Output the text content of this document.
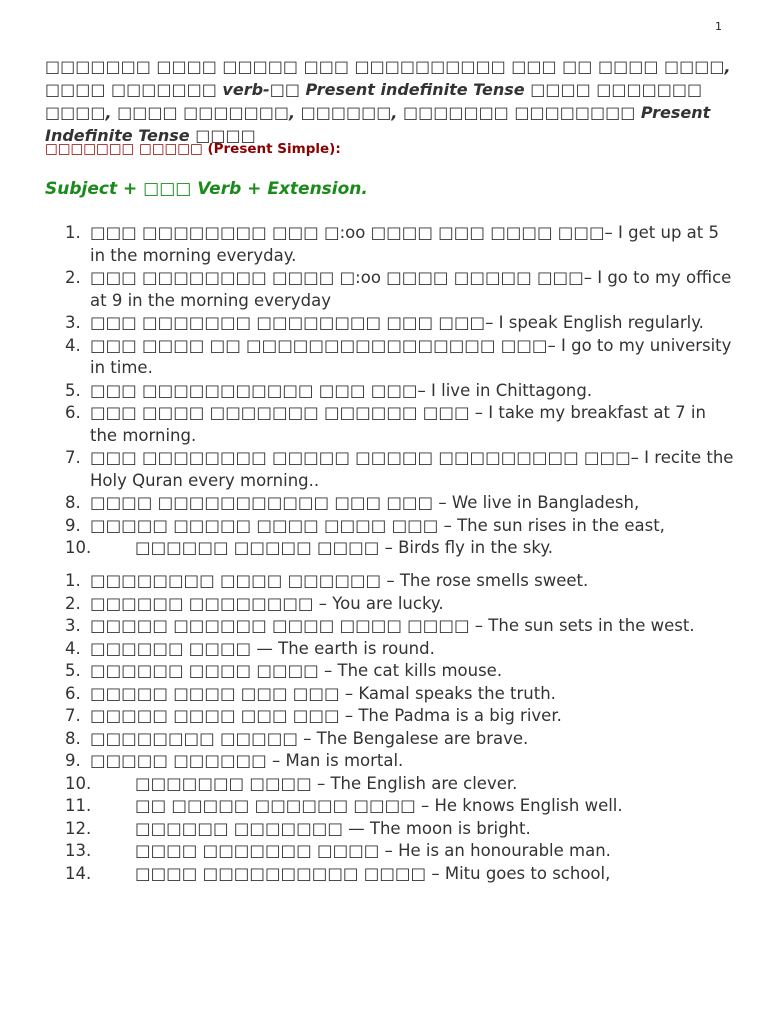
1

□□□□□□□ □□□□ □□□□□ □□□ □□□□□□□□□□ □□□ □□ □□□□ □□□□, □□□□ □□□□□□□ verb-□□ Present indefinite Tense □□□□ □□□□□□□ □□□□, □□□□ □□□□□□□, □□□□□□, □□□□□□□ □□□□□□□□ Present Indefinite Tense □□□□

□□□□□□□ □□□□□ (Present Simple):

Subject + □□□ Verb + Extension.

1. □□□ □□□□□□□□ □□□ □:oo □□□□ □□□ □□□□ □□□– I get up at 5 in the morning everyday.
2. □□□ □□□□□□□□ □□□□ □:oo □□□□ □□□□□ □□□– I go to my office at 9 in the morning everyday
3. □□□ □□□□□□□ □□□□□□□□ □□□ □□□– I speak English regularly.
4. □□□ □□□□ □□ □□□□□□□□□□□□□□□□ □□□– I go to my university in time.
5. □□□ □□□□□□□□□□□ □□□ □□□– I live in Chittagong.
6. □□□ □□□□ □□□□□□□ □□□□□□ □□□ – I take my breakfast at 7 in the morning.
7. □□□ □□□□□□□□ □□□□□ □□□□□ □□□□□□□□□ □□□– I recite the Holy Quran every morning..
8. □□□□ □□□□□□□□□□□ □□□ □□□ – We live in Bangladesh,
9. □□□□□ □□□□□ □□□□ □□□□ □□□ – The sun rises in the east,
10.	□□□□□□ □□□□□ □□□□ – Birds fly in the sky.
1. □□□□□□□□ □□□□ □□□□□□ – The rose smells sweet.
2. □□□□□□ □□□□□□□□ – You are lucky.
3. □□□□□ □□□□□□ □□□□ □□□□ □□□□ – The sun sets in the west.
4. □□□□□□ □□□□ — The earth is round.
5. □□□□□□ □□□□ □□□□ – The cat kills mouse.
6. □□□□□ □□□□ □□□ □□□ – Kamal speaks the truth.
7. □□□□□ □□□□ □□□ □□□ – The Padma is a big river.
8. □□□□□□□□ □□□□□ – The Bengalese are brave.
9. □□□□□ □□□□□□ – Man is mortal.
10.	□□□□□□□ □□□□ – The English are clever.
11.	□□ □□□□□ □□□□□□ □□□□ – He knows English well.
12.	□□□□□□ □□□□□□□ — The moon is bright.
13.	□□□□ □□□□□□□ □□□□ – He is an honourable man.
14.	□□□□ □□□□□□□□□□ □□□□ – Mitu goes to school,
